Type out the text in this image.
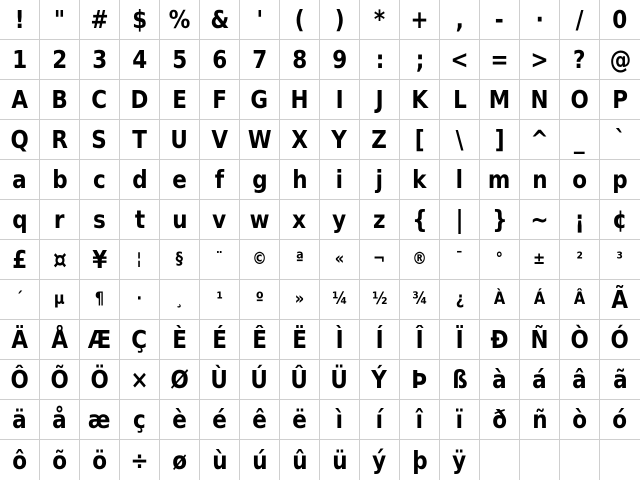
! " # $ % & ' ( ) * + , - · / 0
1 2 3 4 5 6 7 8 9 : ; < = > ? @
A B C D E F G H I J K L M N O P
Q R S T U V W X Y Z [ \ ] ^ _ `
a b c d e f g h i j k l m n o p
q r s t u v w x y z { | } ~ ¡ ¢
£ ¤ ¥ ¦ § ¨ © ª « ¬ ® ¯ ° ± ² ³
´ µ ¶ · ¸ ¹ º » ¼ ½ ¾ ¿ À Á Â Ã
Ä Å Æ Ç È É Ê Ë Ì Í Î Ï Ð Ñ Ò Ó
Ô Õ Ö × Ø Ù Ú Û Ü Ý Þ ß à á â ã
ä å æ ç è é ê ë ì í î ï ð ñ ò ó
ô õ ö ÷ ø ù ú û ü ý þ ÿ
